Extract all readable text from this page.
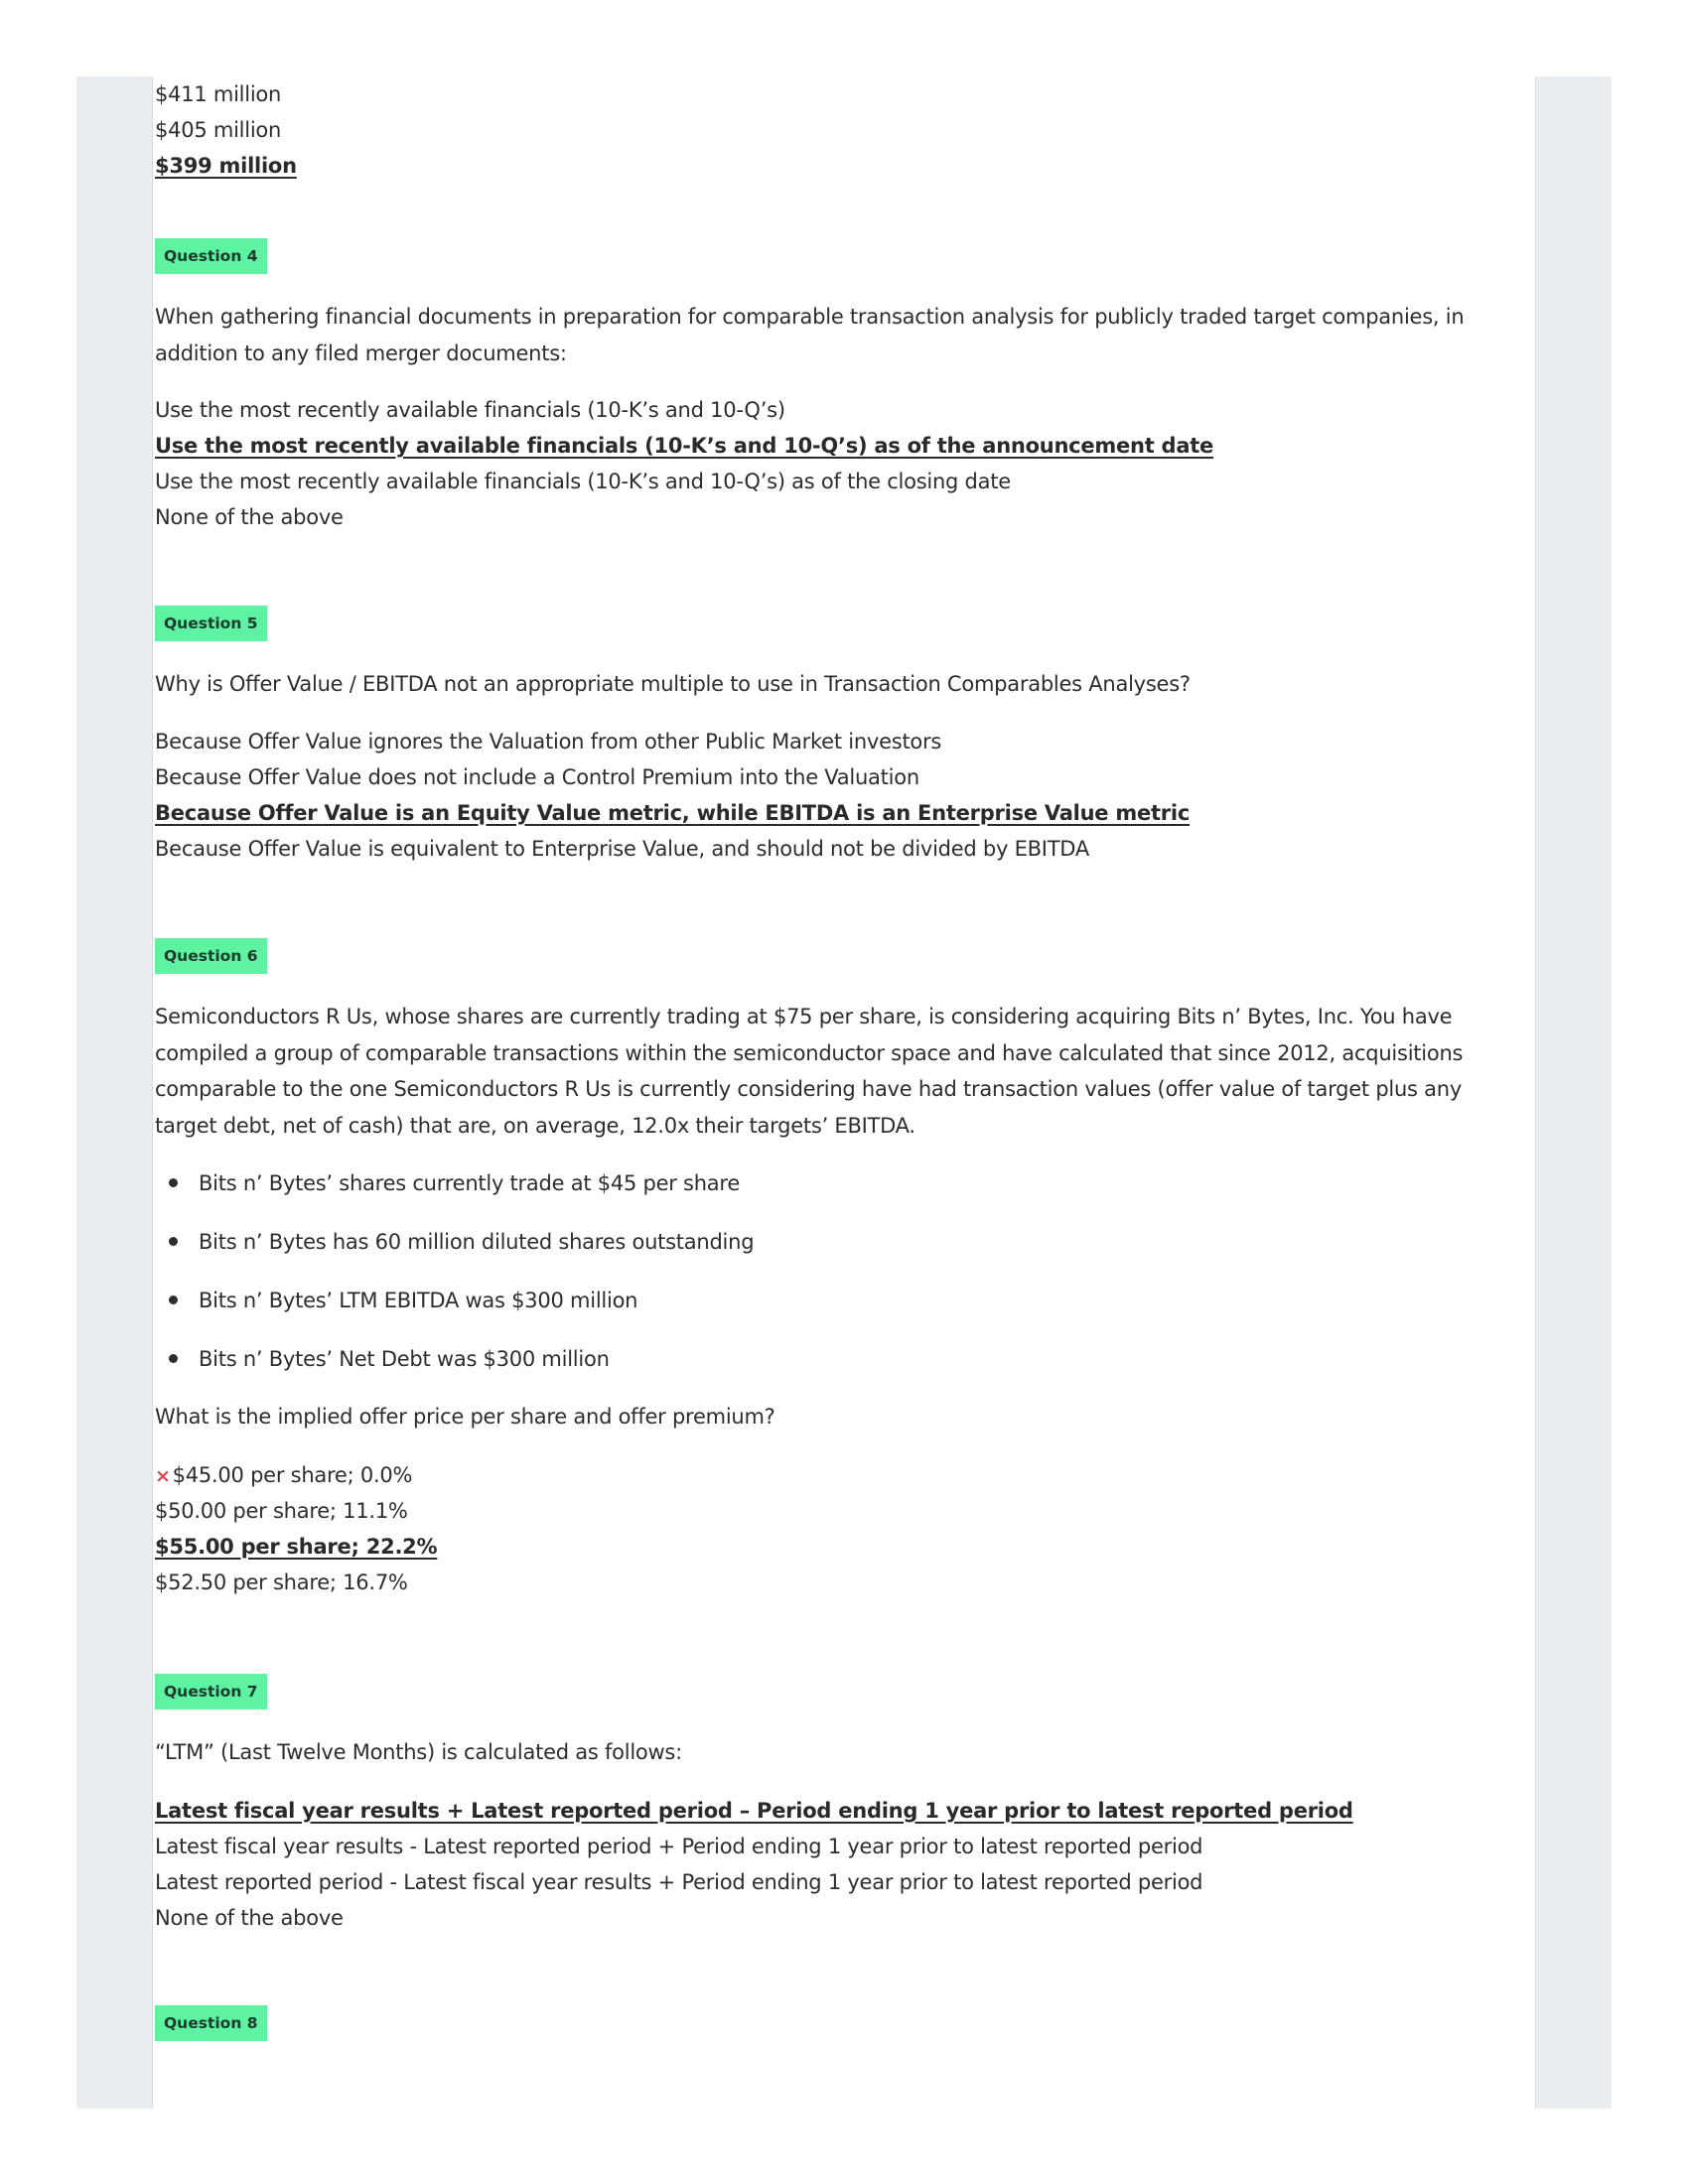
$411 million
$405 million
$399 million
Question 4

When gathering financial documents in preparation for comparable transaction analysis for publicly traded target companies, in addition to any filed merger documents:

Use the most recently available financials (10-K’s and 10-Q’s)
Use the most recently available financials (10-K’s and 10-Q’s) as of the announcement date
Use the most recently available financials (10-K’s and 10-Q’s) as of the closing date
None of the above
Question 5

Why is Offer Value / EBITDA not an appropriate multiple to use in Transaction Comparables Analyses?

Because Offer Value ignores the Valuation from other Public Market investors
Because Offer Value does not include a Control Premium into the Valuation
Because Offer Value is an Equity Value metric, while EBITDA is an Enterprise Value metric
Because Offer Value is equivalent to Enterprise Value, and should not be divided by EBITDA
Question 6

Semiconductors R Us, whose shares are currently trading at $75 per share, is considering acquiring Bits n’ Bytes, Inc. You have compiled a group of comparable transactions within the semiconductor space and have calculated that since 2012, acquisitions comparable to the one Semiconductors R Us is currently considering have had transaction values (offer value of target plus any target debt, net of cash) that are, on average, 12.0x their targets’ EBITDA.

Bits n’ Bytes’ shares currently trade at $45 per share
Bits n’ Bytes has 60 million diluted shares outstanding
Bits n’ Bytes’ LTM EBITDA was $300 million
Bits n’ Bytes’ Net Debt was $300 million

What is the implied offer price per share and offer premium?

×$45.00 per share; 0.0%
$50.00 per share; 11.1%
$55.00 per share; 22.2%
$52.50 per share; 16.7%
Question 7

“LTM” (Last Twelve Months) is calculated as follows:

Latest fiscal year results + Latest reported period – Period ending 1 year prior to latest reported period
Latest fiscal year results - Latest reported period + Period ending 1 year prior to latest reported period
Latest reported period - Latest fiscal year results + Period ending 1 year prior to latest reported period
None of the above
Question 8
